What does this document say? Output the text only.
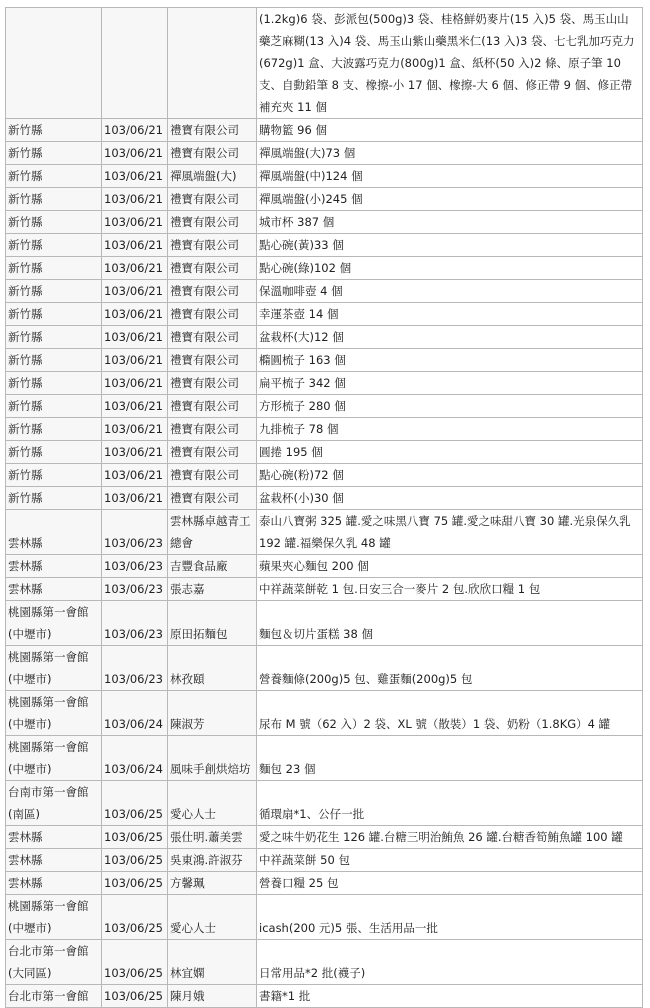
			(1.2kg)6 袋、彭派包(500g)3 袋、桂格鮮奶麥片(15 入)5 袋、馬玉山山藥芝麻糊(13 入)4 袋、馬玉山紫山藥黑米仁(13 入)3 袋、七七乳加巧克力(672g)1 盒、大波露巧克力(800g)1 盒、紙杯(50 入)2 條、原子筆 10 支、自動鉛筆 8 支、橡擦-小 17 個、橡擦-大 6 個、修正帶 9 個、修正帶補充夾 11 個
新竹縣	103/06/21	禮寶有限公司	購物籃 96 個
新竹縣	103/06/21	禮寶有限公司	禪風端盤(大)73 個
新竹縣	103/06/21	禪風端盤(大)	禪風端盤(中)124 個
新竹縣	103/06/21	禮寶有限公司	禪風端盤(小)245 個
新竹縣	103/06/21	禮寶有限公司	城市杯 387 個
新竹縣	103/06/21	禮寶有限公司	點心碗(黃)33 個
新竹縣	103/06/21	禮寶有限公司	點心碗(綠)102 個
新竹縣	103/06/21	禮寶有限公司	保溫咖啡壺 4 個
新竹縣	103/06/21	禮寶有限公司	幸運茶壺 14 個
新竹縣	103/06/21	禮寶有限公司	盆栽杯(大)12 個
新竹縣	103/06/21	禮寶有限公司	橢圓梳子 163 個
新竹縣	103/06/21	禮寶有限公司	扁平梳子 342 個
新竹縣	103/06/21	禮寶有限公司	方形梳子 280 個
新竹縣	103/06/21	禮寶有限公司	九排梳子 78 個
新竹縣	103/06/21	禮寶有限公司	圓捲 195 個
新竹縣	103/06/21	禮寶有限公司	點心碗(粉)72 個
新竹縣	103/06/21	禮寶有限公司	盆栽杯(小)30 個
雲林縣	103/06/23	雲林縣卓越青工總會	泰山八寶粥 325 罐.愛之味黑八寶 75 罐.愛之味甜八寶 30 罐.光泉保久乳 192 罐.福樂保久乳 48 罐
雲林縣	103/06/23	吉豐食品廠	蘋果夾心麵包 200 個
雲林縣	103/06/23	張志嘉	中祥蔬菜餅乾 1 包.日安三合一麥片 2 包.欣欣口糧 1 包
桃園縣第一會館(中壢市)	103/06/23	原田拓麵包	麵包＆切片蛋糕 38 個
桃園縣第一會館(中壢市)	103/06/23	林孜頤	營養麵條(200g)5 包、雞蛋麵(200g)5 包
桃園縣第一會館(中壢市)	103/06/24	陳淑芳	尿布 M 號（62 入）2 袋、XL 號（散裝）1 袋、奶粉（1.8KG）4 罐
桃園縣第一會館(中壢市)	103/06/24	風味手創烘焙坊	麵包 23 個
台南市第一會館(南區)	103/06/25	愛心人士	循環扇*1、公仔一批
雲林縣	103/06/25	張仕明.蕭美雲	愛之味牛奶花生 126 罐.台糖三明治鮪魚 26 罐.台糖香筍鮪魚罐 100 罐
雲林縣	103/06/25	吳東鴻.許淑芬	中祥蔬菜餅 50 包
雲林縣	103/06/25	方馨珮	營養口糧 25 包
桃園縣第一會館(中壢市)	103/06/25	愛心人士	icash(200 元)5 張、生活用品一批
台北市第一會館(大同區)	103/06/25	林宜嫻	日常用品*2 批(襪子)
台北市第一會館	103/06/25	陳月娥	書籍*1 批
